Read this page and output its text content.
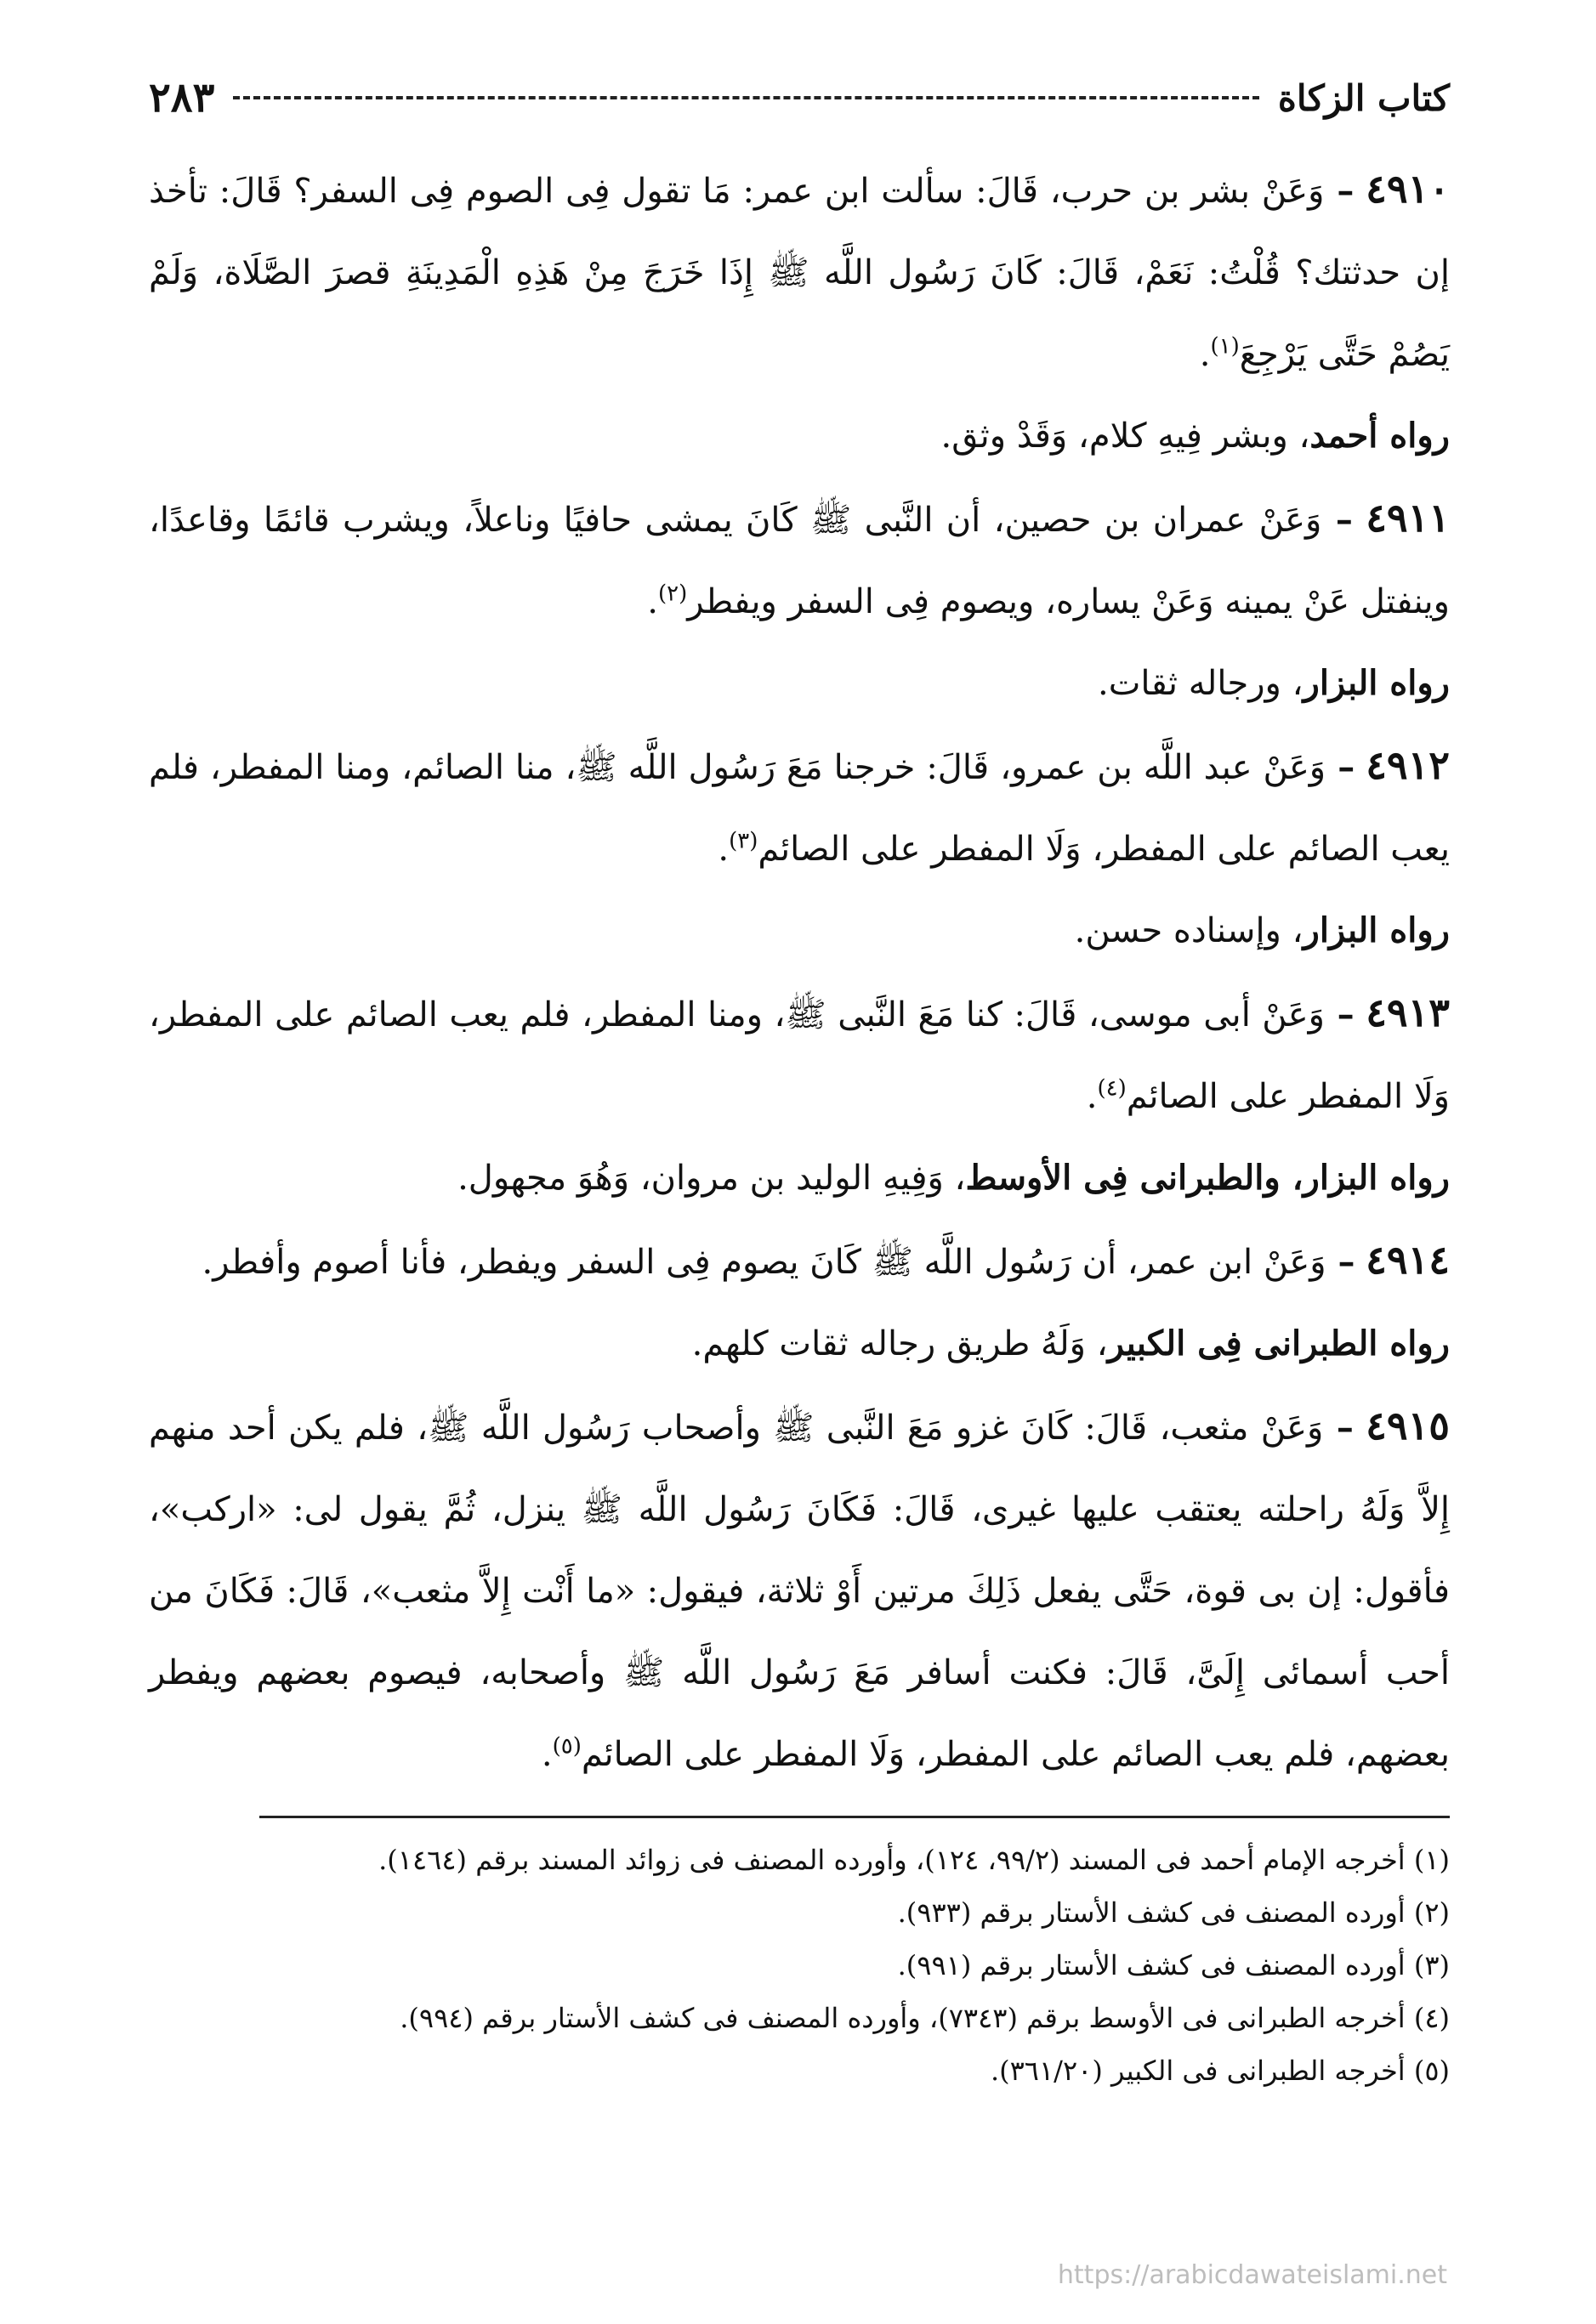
كتاب الزكاة
٢٨٣

٤٩١٠ – وَعَنْ بشر بن حرب، قَالَ: سألت ابن عمر: مَا تقول فِى الصوم فِى السفر؟ قَالَ: تأخذ إن حدثتك؟ قُلْتُ: نَعَمْ، قَالَ: كَانَ رَسُول اللَّه ﷺ إِذَا خَرَجَ مِنْ هَذِهِ الْمَدِينَةِ قصرَ الصَّلَاة، وَلَمْ يَصُمْ حَتَّى يَرْجِعَ$^{(١)}$.

رواه أحمد، وبشر فِيهِ كلام، وَقَدْ وثق.

٤٩١١ – وَعَنْ عمران بن حصين، أن النَّبى ﷺ كَانَ يمشى حافيًا وناعلاً، ويشرب قائمًا وقاعدًا، وينفتل عَنْ يمينه وَعَنْ يساره، ويصوم فِى السفر ويفطر$^{(٢)}$.

رواه البزار، ورجاله ثقات.

٤٩١٢ – وَعَنْ عبد اللَّه بن عمرو، قَالَ: خرجنا مَعَ رَسُول اللَّه ﷺ، منا الصائم، ومنا المفطر، فلم يعب الصائم على المفطر، وَلَا المفطر على الصائم$^{(٣)}$.

رواه البزار، وإسناده حسن.

٤٩١٣ – وَعَنْ أبى موسى، قَالَ: كنا مَعَ النَّبى ﷺ، ومنا المفطر، فلم يعب الصائم على المفطر، وَلَا المفطر على الصائم$^{(٤)}$.

رواه البزار، والطبرانى فِى الأوسط، وَفِيهِ الوليد بن مروان، وَهُوَ مجهول.

٤٩١٤ – وَعَنْ ابن عمر، أن رَسُول اللَّه ﷺ كَانَ يصوم فِى السفر ويفطر، فأنا أصوم وأفطر.

رواه الطبرانى فِى الكبير، وَلَهُ طريق رجاله ثقات كلهم.

٤٩١٥ – وَعَنْ مثعب، قَالَ: كَانَ غزو مَعَ النَّبى ﷺ وأصحاب رَسُول اللَّه ﷺ، فلم يكن أحد منهم إِلاَّ وَلَهُ راحلته يعتقب عليها غيرى، قَالَ: فَكَانَ رَسُول اللَّه ﷺ ينزل، ثُمَّ يقول لى: «اركب»، فأقول: إن بى قوة، حَتَّى يفعل ذَلِكَ مرتين أَوْ ثلاثة، فيقول: «ما أَنْت إِلاَّ مثعب»، قَالَ: فَكَانَ من أحب أسمائى إِلَىَّ، قَالَ: فكنت أسافر مَعَ رَسُول اللَّه ﷺ وأصحابه، فيصوم بعضهم ويفطر بعضهم، فلم يعب الصائم على المفطر، وَلَا المفطر على الصائم$^{(٥)}$.

(١) أخرجه الإمام أحمد فى المسند (٩٩/٢، ١٢٤)، وأورده المصنف فى زوائد المسند برقم (١٤٦٤).

(٢) أورده المصنف فى كشف الأستار برقم (٩٣٣).

(٣) أورده المصنف فى كشف الأستار برقم (٩٩١).

(٤) أخرجه الطبرانى فى الأوسط برقم (٧٣٤٣)، وأورده المصنف فى كشف الأستار برقم (٩٩٤).

(٥) أخرجه الطبرانى فى الكبير (٣٦١/٢٠).

https://arabicdawateislami.net
